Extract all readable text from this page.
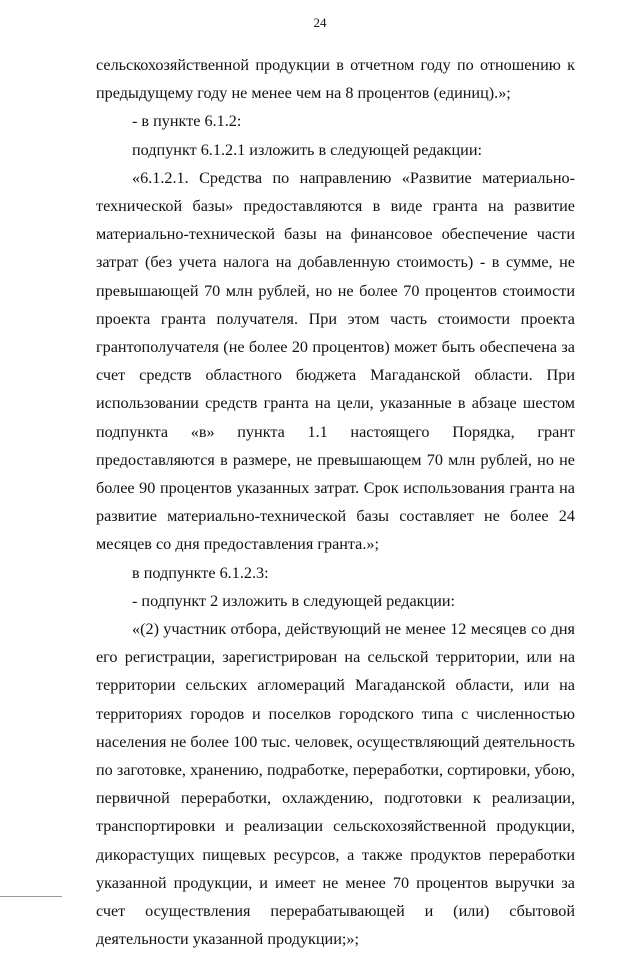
24

сельскохозяйственной продукции в отчетном году по отношению к предыдущему году не менее чем на 8 процентов (единиц).»;

- в пункте 6.1.2:

подпункт 6.1.2.1 изложить в следующей редакции:

«6.1.2.1. Средства по направлению «Развитие материально-технической базы» предоставляются в виде гранта на развитие материально-технической базы на финансовое обеспечение части затрат (без учета налога на добавленную стоимость) - в сумме, не превышающей 70 млн рублей, но не более 70 процентов стоимости проекта гранта получателя. При этом часть стоимости проекта грантополучателя (не более 20 процентов) может быть обеспечена за счет средств областного бюджета Магаданской области. При использовании средств гранта на цели, указанные в абзаце шестом подпункта «в» пункта 1.1 настоящего Порядка, грант предоставляются в размере, не превышающем 70 млн рублей, но не более 90 процентов указанных затрат. Срок использования гранта на развитие материально-технической базы составляет не более 24 месяцев со дня предоставления гранта.»;

в подпункте 6.1.2.3:

- подпункт 2 изложить в следующей редакции:

«(2) участник отбора, действующий не менее 12 месяцев со дня его регистрации, зарегистрирован на сельской территории, или на территории сельских агломераций Магаданской области, или на территориях городов и поселков городского типа с численностью населения не более 100 тыс. человек, осуществляющий деятельность по заготовке, хранению, подработке, переработки, сортировки, убою, первичной переработки, охлаждению, подготовки к реализации, транспортировки и реализации сельскохозяйственной продукции, дикорастущих пищевых ресурсов, а также продуктов переработки указанной продукции, и имеет не менее 70 процентов выручки за счет осуществления перерабатывающей и (или) сбытовой деятельности указанной продукции;»;
